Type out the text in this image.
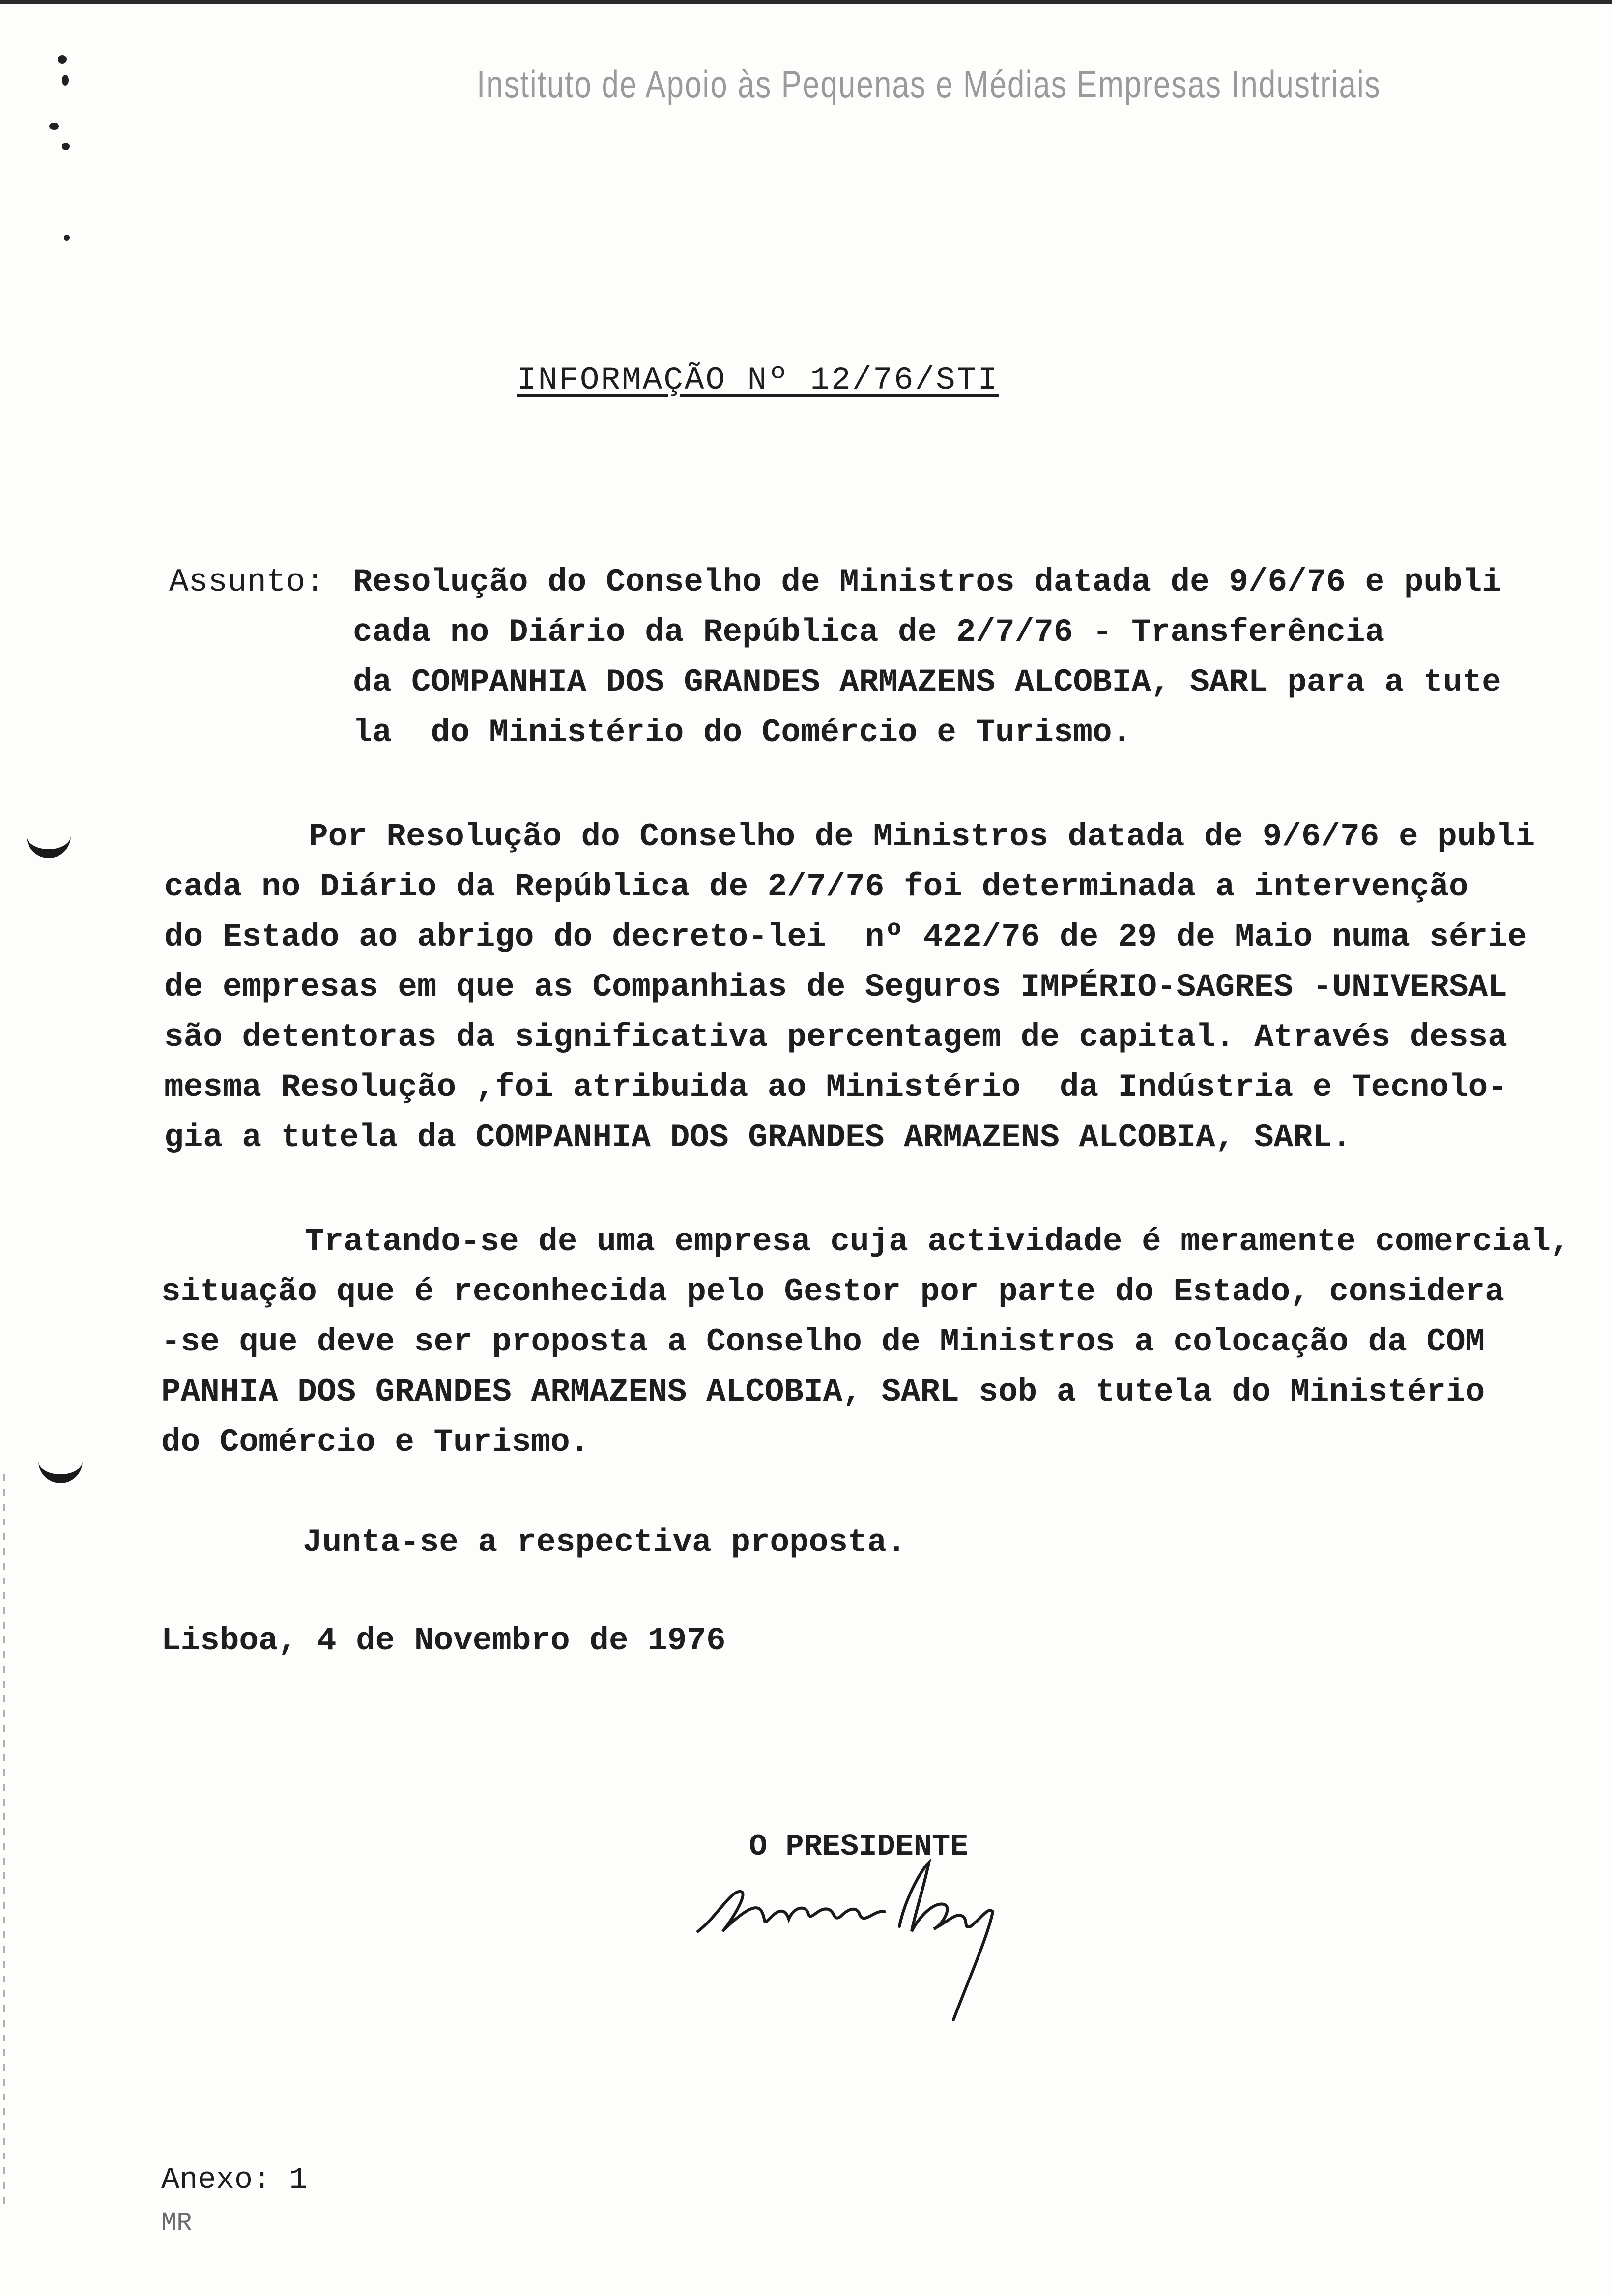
Instituto de Apoio às Pequenas e Médias Empresas Industriais
INFORMAÇÃO Nº 12/76/STI
Assunto: Resolução do Conselho de Ministros datada de 9/6/76 e publi
cada no Diário da República de 2/7/76 - Transferência
da COMPANHIA DOS GRANDES ARMAZENS ALCOBIA, SARL para a tute
la  do Ministério do Comércio e Turismo.
Por Resolução do Conselho de Ministros datada de 9/6/76 e publi
cada no Diário da República de 2/7/76 foi determinada a intervenção
do Estado ao abrigo do decreto-lei  nº 422/76 de 29 de Maio numa série
de empresas em que as Companhias de Seguros IMPÉRIO-SAGRES -UNIVERSAL
são detentoras da significativa percentagem de capital. Através dessa
mesma Resolução ,foi atribuida ao Ministério  da Indústria e Tecnolo-
gia a tutela da COMPANHIA DOS GRANDES ARMAZENS ALCOBIA, SARL.
Tratando-se de uma empresa cuja actividade é meramente comercial,
situação que é reconhecida pelo Gestor por parte do Estado, considera
-se que deve ser proposta a Conselho de Ministros a colocação da COM
PANHIA DOS GRANDES ARMAZENS ALCOBIA, SARL sob a tutela do Ministério
do Comércio e Turismo.
Junta-se a respectiva proposta.
Lisboa, 4 de Novembro de 1976
O PRESIDENTE
Anexo: 1
MR
